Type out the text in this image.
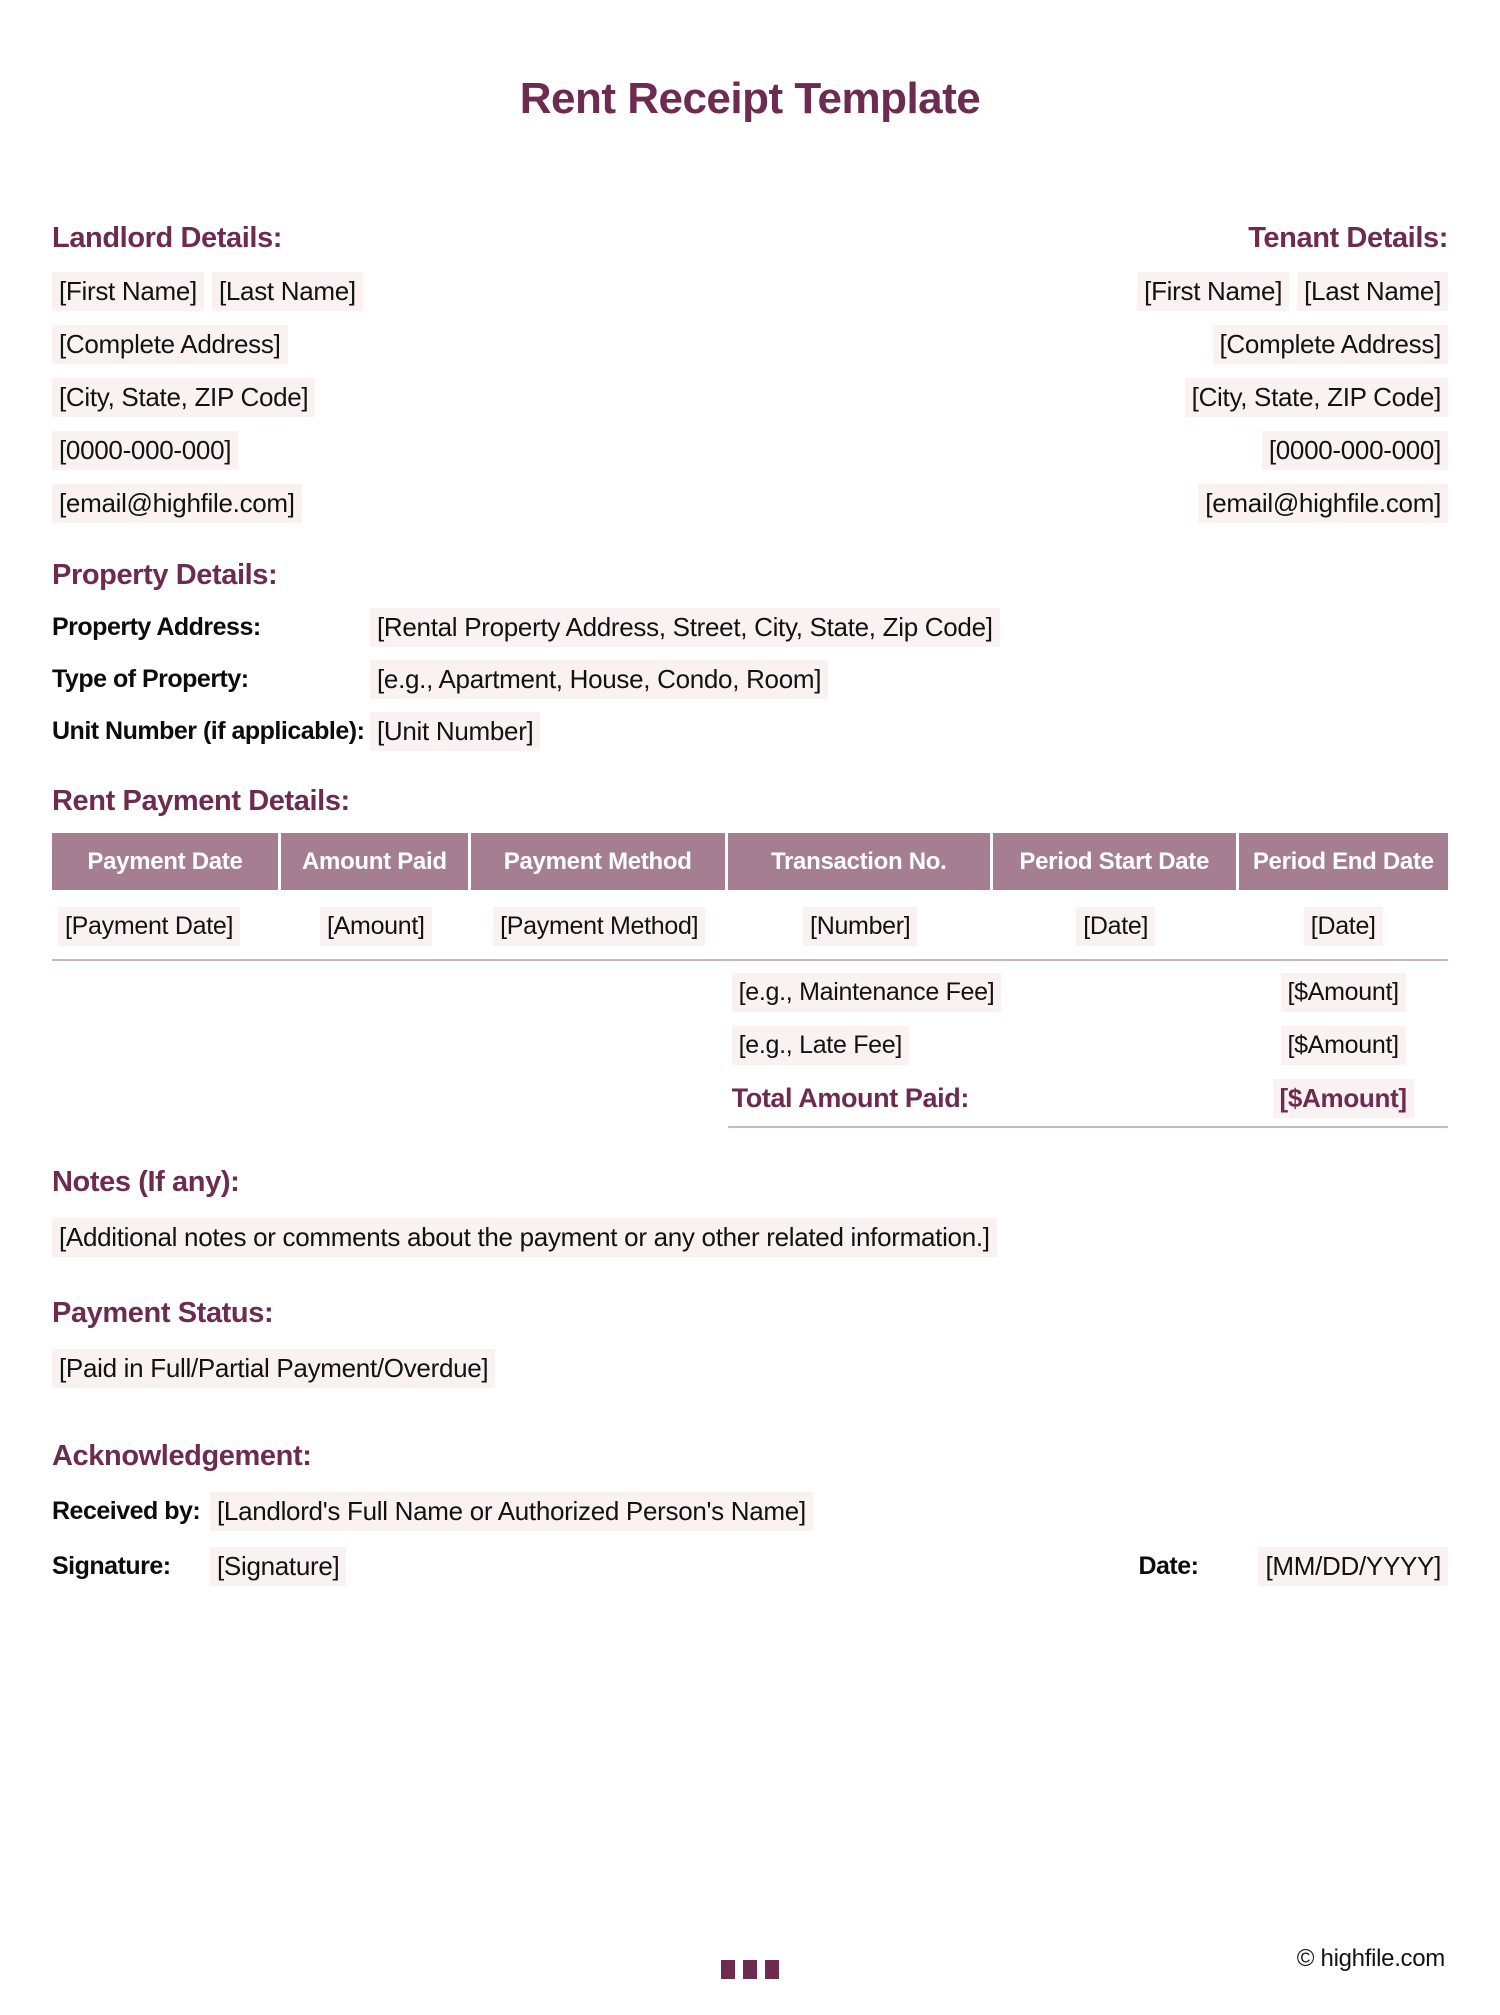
Rent Receipt Template
Landlord Details:
[First Name] [Last Name]
[Complete Address]
[City, State, ZIP Code]
[0000-000-000]
[email@highfile.com]
Tenant Details:
[First Name] [Last Name]
[Complete Address]
[City, State, ZIP Code]
[0000-000-000]
[email@highfile.com]
Property Details:
Property Address:	[Rental Property Address, Street, City, State, Zip Code]
Type of Property:	[e.g., Apartment, House, Condo, Room]
Unit Number (if applicable): [Unit Number]
Rent Payment Details:
Payment Date	Amount Paid	Payment Method	Transaction No.	Period Start Date	Period End Date
[Payment Date]	[Amount]	[Payment Method]	[Number]	[Date]	[Date]
[e.g., Maintenance Fee]	[$Amount]
[e.g., Late Fee]	[$Amount]
Total Amount Paid:	[$Amount]
Notes (If any):
[Additional notes or comments about the payment or any other related information.]
Payment Status:
[Paid in Full/Partial Payment/Overdue]
Acknowledgement:
Received by: [Landlord's Full Name or Authorized Person's Name]
Signature:	[Signature]	Date:	[MM/DD/YYYY]
© highfile.com
